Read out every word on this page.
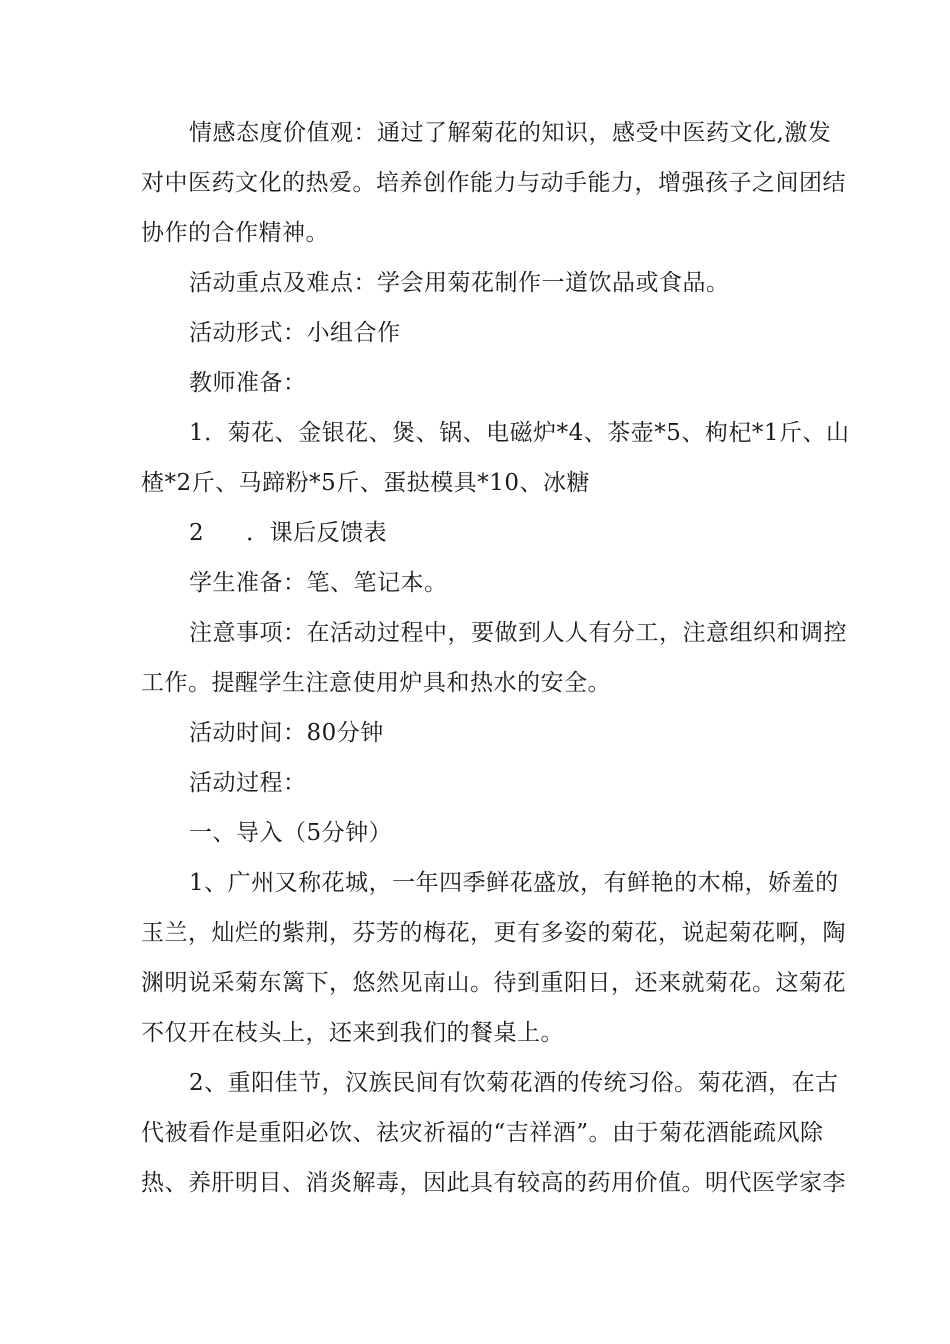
情感态度价值观：通过了解菊花的知识，感受中医药文化,激发
对中医药文化的热爱。培养创作能力与动手能力，增强孩子之间团结
协作的合作精神。

活动重点及难点：学会用菊花制作一道饮品或食品。

活动形式：小组合作

教师准备：

1．菊花、金银花、煲、锅、电磁炉*4、茶壶*5、枸杞*1斤、山
楂*2斤、马蹄粉*5斤、蛋挞模具*10、冰糖

2 ．课后反馈表

学生准备：笔、笔记本。

注意事项：在活动过程中，要做到人人有分工，注意组织和调控
工作。提醒学生注意使用炉具和热水的安全。

活动时间：80分钟

活动过程：

一、导入（5分钟）

1、广州又称花城，一年四季鲜花盛放，有鲜艳的木棉，娇羞的
玉兰，灿烂的紫荆，芬芳的梅花，更有多姿的菊花，说起菊花啊，陶
渊明说采菊东篱下，悠然见南山。待到重阳日，还来就菊花。这菊花
不仅开在枝头上，还来到我们的餐桌上。

2、重阳佳节，汉族民间有饮菊花酒的传统习俗。菊花酒，在古
代被看作是重阳必饮、祛灾祈福的“吉祥酒”。由于菊花酒能疏风除
热、养肝明目、消炎解毒，因此具有较高的药用价值。明代医学家李
